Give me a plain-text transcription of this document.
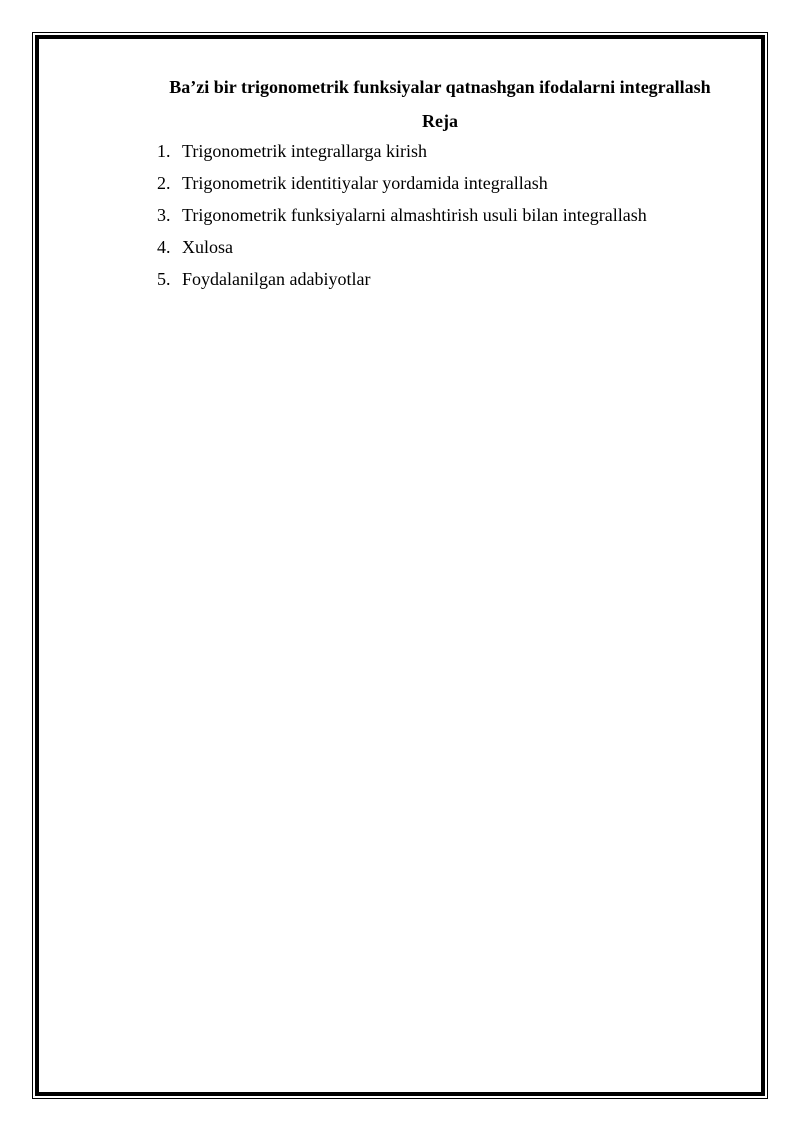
Ba’zi bir trigonometrik funksiyalar qatnashgan ifodalarni integrallash
Reja
1. Trigonometrik integrallarga kirish
2. Trigonometrik identitiyalar yordamida integrallash
3. Trigonometrik funksiyalarni almashtirish usuli bilan integrallash
4. Xulosa
5. Foydalanilgan adabiyotlar
